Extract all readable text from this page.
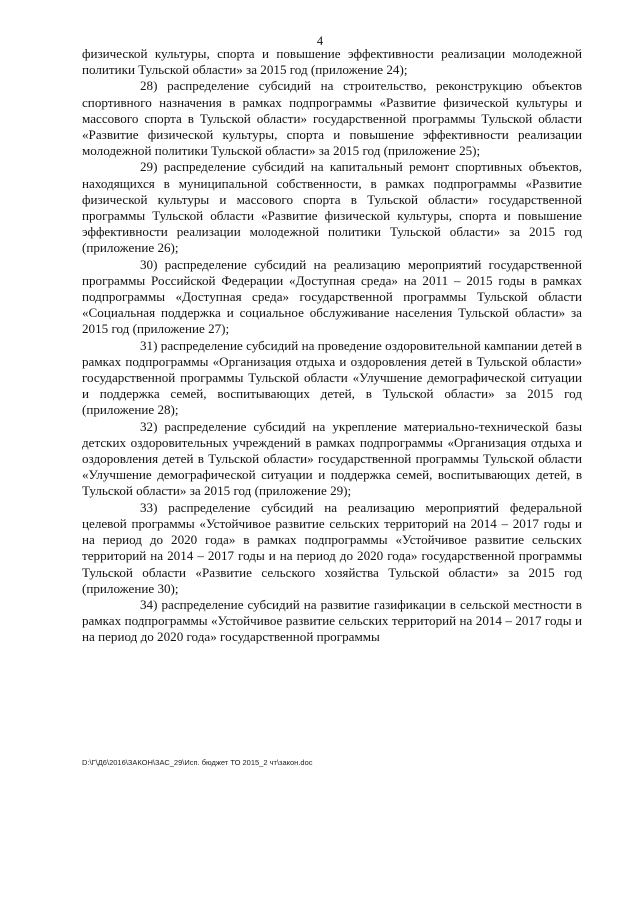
4

физической культуры, спорта и повышение эффективности реализации молодежной политики Тульской области» за 2015 год (приложение 24);

28) распределение субсидий на строительство, реконструкцию объектов спортивного назначения в рамках подпрограммы «Развитие физической культуры и массового спорта в Тульской области» государственной программы Тульской области «Развитие физической культуры, спорта и повышение эффективности реализации молодежной политики Тульской области» за 2015 год (приложение 25);

29) распределение субсидий на капитальный ремонт спортивных объектов, находящихся в муниципальной собственности, в рамках подпрограммы «Развитие физической культуры и массового спорта в Тульской области» государственной программы Тульской области «Развитие физической культуры, спорта и повышение эффективности реализации молодежной политики Тульской области» за 2015 год (приложение 26);

30) распределение субсидий на реализацию мероприятий государственной программы Российской Федерации «Доступная среда» на 2011 – 2015 годы в рамках подпрограммы «Доступная среда» государственной программы Тульской области «Социальная поддержка и социальное обслуживание населения Тульской области» за 2015 год (приложение 27);

31) распределение субсидий на проведение оздоровительной кампании детей в рамках подпрограммы «Организация отдыха и оздоровления детей в Тульской области» государственной программы Тульской области «Улучшение демографической ситуации и поддержка семей, воспитывающих детей, в Тульской области» за 2015 год (приложение 28);

32) распределение субсидий на укрепление материально-технической базы детских оздоровительных учреждений в рамках подпрограммы «Организация отдыха и оздоровления детей в Тульской области» государственной программы Тульской области «Улучшение демографической ситуации и поддержка семей, воспитывающих детей, в Тульской области» за 2015 год (приложение 29);

33) распределение субсидий на реализацию мероприятий федеральной целевой программы «Устойчивое развитие сельских территорий на 2014 – 2017 годы и на период до 2020 года» в рамках подпрограммы «Устойчивое развитие сельских территорий на 2014 – 2017 годы и на период до 2020 года» государственной программы Тульской области «Развитие сельского хозяйства Тульской области» за 2015 год (приложение 30);

34) распределение субсидий на развитие газификации в сельской местности в рамках подпрограммы «Устойчивое развитие сельских территорий на 2014 – 2017 годы и на период до 2020 года» государственной программы

D:\Г\Д6\2016\ЗАКОН\ЗАС_29\Исп. бюджет ТО 2015_2 чт\закон.doc
